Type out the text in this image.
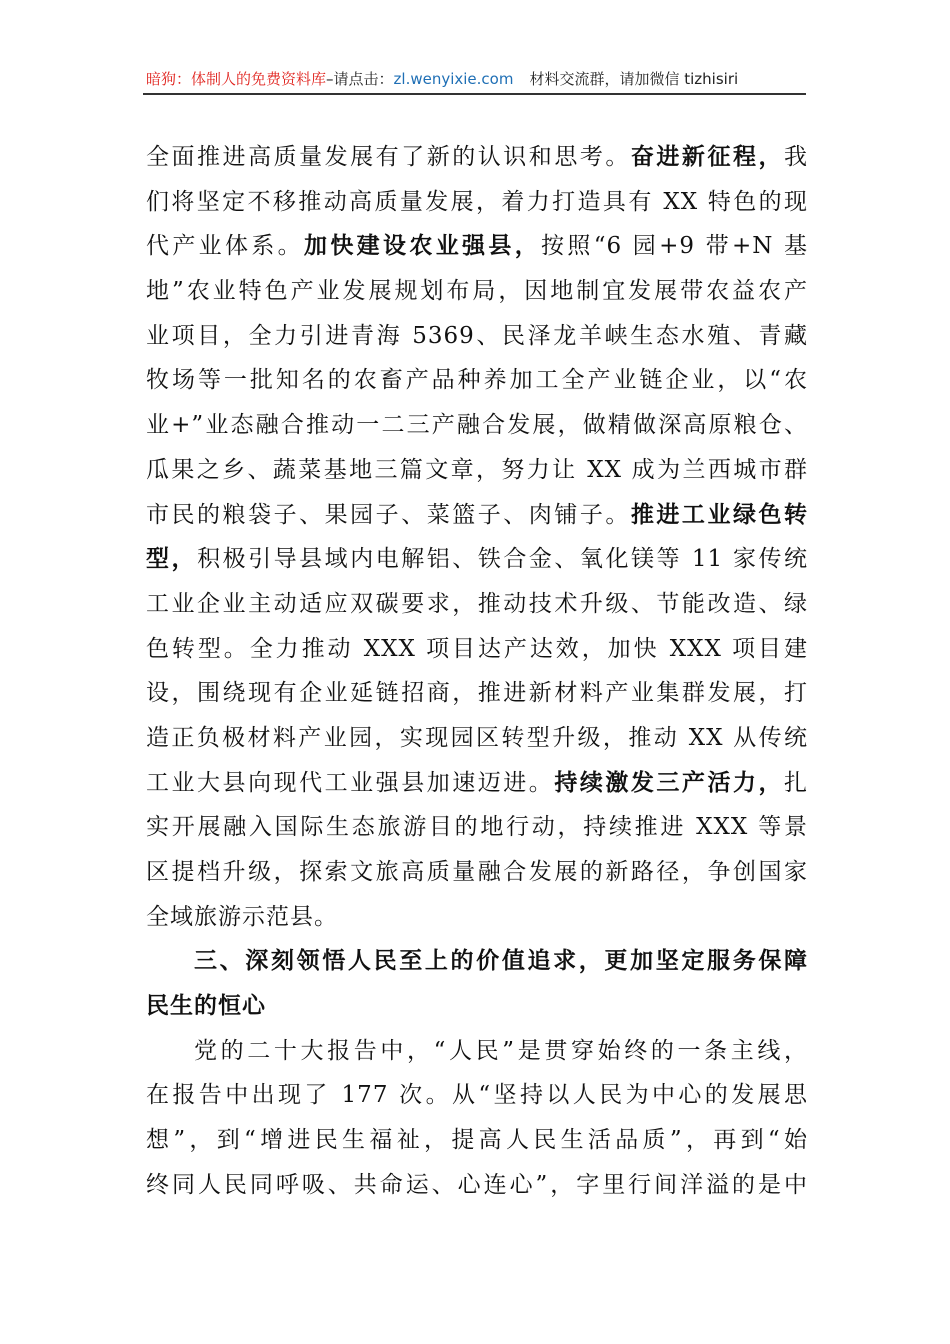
暗狗：体制人的免费资料库–请点击：zl.wenyixie.com 材料交流群，请加微信 tizhisiri
全面推进高质量发展有了新的认识和思考。奋进新征程，我
们将坚定不移推动高质量发展，着力打造具有 XX 特色的现
代产业体系。加快建设农业强县，按照“6 园+9 带+N 基
地”农业特色产业发展规划布局，因地制宜发展带农益农产
业项目，全力引进青海 5369、民泽龙羊峡生态水殖、青藏
牧场等一批知名的农畜产品种养加工全产业链企业，以“农
业+”业态融合推动一二三产融合发展，做精做深高原粮仓、
瓜果之乡、蔬菜基地三篇文章，努力让 XX 成为兰西城市群
市民的粮袋子、果园子、菜篮子、肉铺子。推进工业绿色转
型，积极引导县域内电解铝、铁合金、氧化镁等 11 家传统
工业企业主动适应双碳要求，推动技术升级、节能改造、绿
色转型。全力推动 XXX 项目达产达效，加快 XXX 项目建
设，围绕现有企业延链招商，推进新材料产业集群发展，打
造正负极材料产业园，实现园区转型升级，推动 XX 从传统
工业大县向现代工业强县加速迈进。持续激发三产活力，扎
实开展融入国际生态旅游目的地行动，持续推进 XXX 等景
区提档升级，探索文旅高质量融合发展的新路径，争创国家
全域旅游示范县。
三、深刻领悟人民至上的价值追求，更加坚定服务保障
民生的恒心
党的二十大报告中，“人民”是贯穿始终的一条主线，
在报告中出现了 177 次。从“坚持以人民为中心的发展思
想”，到“增进民生福祉，提高人民生活品质”，再到“始
终同人民同呼吸、共命运、心连心”，字里行间洋溢的是中
